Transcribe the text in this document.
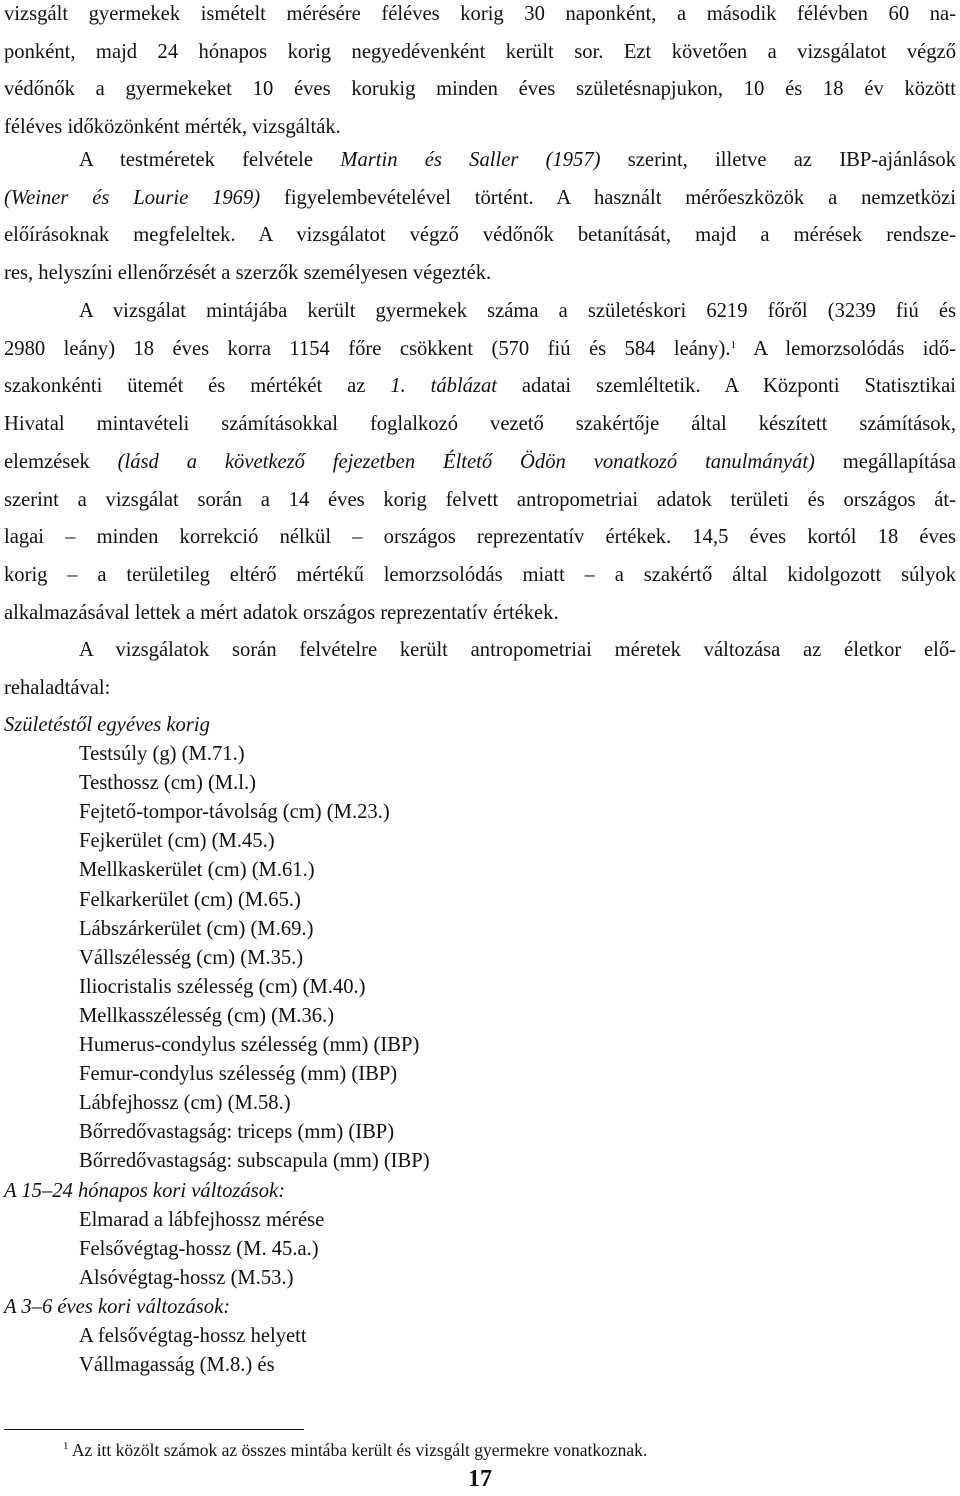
vizsgált gyermekek ismételt mérésére féléves korig 30 naponként, a második félévben 60 na-
ponként, majd 24 hónapos korig negyedévenként került sor. Ezt követően a vizsgálatot végző
védőnők a gyermekeket 10 éves korukig minden éves születésnapjukon, 10 és 18 év között
féléves időközönként mérték, vizsgálták.
A testméretek felvétele Martin és Saller (1957) szerint, illetve az IBP-ajánlások
(Weiner és Lourie 1969) figyelembevételével történt. A használt mérőeszközök a nemzetközi
előírásoknak megfeleltek. A vizsgálatot végző védőnők betanítását, majd a mérések rendsze-
res, helyszíni ellenőrzését a szerzők személyesen végezték.
A vizsgálat mintájába került gyermekek száma a születéskori 6219 főről (3239 fiú és
2980 leány) 18 éves korra 1154 főre csökkent (570 fiú és 584 leány).$^1$ A lemorzsolódás idő-
szakonkénti ütemét és mértékét az 1. táblázat adatai szemléltetik. A Központi Statisztikai
Hivatal mintavételi számításokkal foglalkozó vezető szakértője által készített számítások,
elemzések (lásd a következő fejezetben Éltető Ödön vonatkozó tanulmányát) megállapítása
szerint a vizsgálat során a 14 éves korig felvett antropometriai adatok területi és országos át-
lagai – minden korrekció nélkül – országos reprezentatív értékek. 14,5 éves kortól 18 éves
korig – a területileg eltérő mértékű lemorzsolódás miatt – a szakértő által kidolgozott súlyok
alkalmazásával lettek a mért adatok országos reprezentatív értékek.
A vizsgálatok során felvételre került antropometriai méretek változása az életkor elő-
rehaladtával:
Születéstől egyéves korig
Testsúly (g) (M.71.)
Testhossz (cm) (M.l.)
Fejtető-tompor-távolság (cm) (M.23.)
Fejkerület (cm) (M.45.)
Mellkaskerület (cm) (M.61.)
Felkarkerület (cm) (M.65.)
Lábszárkerület (cm) (M.69.)
Vállszélesség (cm) (M.35.)
Iliocristalis szélesség (cm) (M.40.)
Mellkasszélesség (cm) (M.36.)
Humerus-condylus szélesség (mm) (IBP)
Femur-condylus szélesség (mm) (IBP)
Lábfejhossz (cm) (M.58.)
Bőrredővastagság: triceps (mm) (IBP)
Bőrredővastagság: subscapula (mm) (IBP)
A 15–24 hónapos kori változások:
Elmarad a lábfejhossz mérése
Felsővégtag-hossz (M. 45.a.)
Alsóvégtag-hossz (M.53.)
A 3–6 éves kori változások:
A felsővégtag-hossz helyett
Vállmagasság (M.8.) és
$^1$ Az itt közölt számok az összes mintába került és vizsgált gyermekre vonatkoznak.
17
